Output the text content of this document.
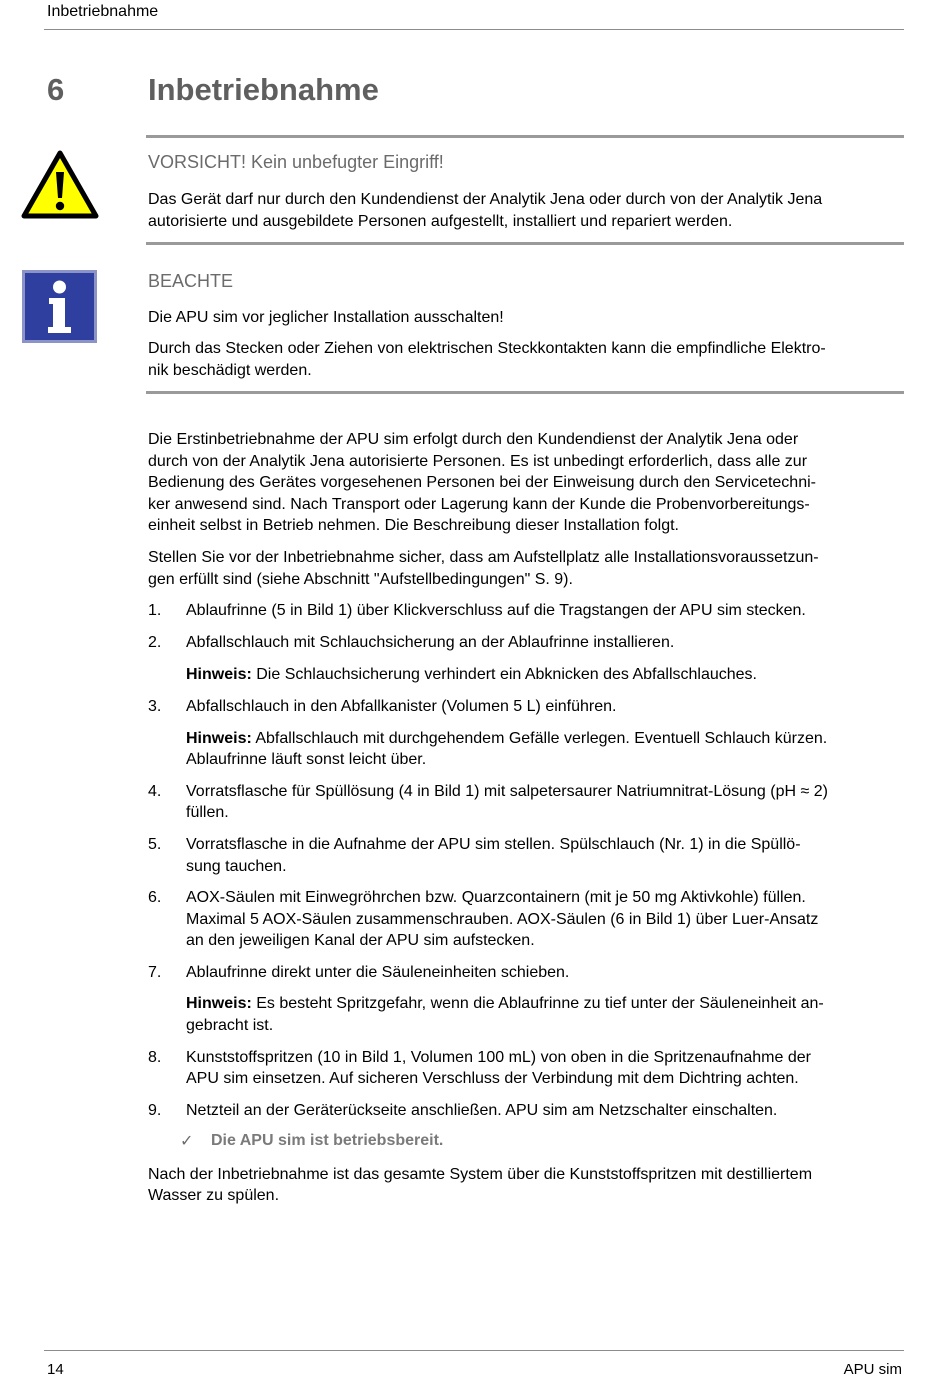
Inbetriebnahme
6	Inbetriebnahme
VORSICHT! Kein unbefugter Eingriff!
Das Gerät darf nur durch den Kundendienst der Analytik Jena oder durch von der Analytik Jena
autorisierte und ausgebildete Personen aufgestellt, installiert und repariert werden.
BEACHTE
Die APU sim vor jeglicher Installation ausschalten!
Durch das Stecken oder Ziehen von elektrischen Steckkontakten kann die empfindliche Elektro-
nik beschädigt werden.
Die Erstinbetriebnahme der APU sim erfolgt durch den Kundendienst der Analytik Jena oder
durch von der Analytik Jena autorisierte Personen. Es ist unbedingt erforderlich, dass alle zur
Bedienung des Gerätes vorgesehenen Personen bei der Einweisung durch den Servicetechni-
ker anwesend sind. Nach Transport oder Lagerung kann der Kunde die Probenvorbereitungs-
einheit selbst in Betrieb nehmen. Die Beschreibung dieser Installation folgt.
Stellen Sie vor der Inbetriebnahme sicher, dass am Aufstellplatz alle Installationsvoraussetzun-
gen erfüllt sind (siehe Abschnitt "Aufstellbedingungen" S. 9).
1. Ablaufrinne (5 in Bild 1) über Klickverschluss auf die Tragstangen der APU sim stecken.
2. Abfallschlauch mit Schlauchsicherung an der Ablaufrinne installieren.
Hinweis: Die Schlauchsicherung verhindert ein Abknicken des Abfallschlauches.
3. Abfallschlauch in den Abfallkanister (Volumen 5 L) einführen.
Hinweis: Abfallschlauch mit durchgehendem Gefälle verlegen. Eventuell Schlauch kürzen.
Ablaufrinne läuft sonst leicht über.
4. Vorratsflasche für Spüllösung (4 in Bild 1) mit salpetersaurer Natriumnitrat-Lösung (pH ≈ 2)
füllen.
5. Vorratsflasche in die Aufnahme der APU sim stellen. Spülschlauch (Nr. 1) in die Spüllö-
sung tauchen.
6. AOX-Säulen mit Einwegröhrchen bzw. Quarzcontainern (mit je 50 mg Aktivkohle) füllen.
Maximal 5 AOX-Säulen zusammenschrauben. AOX-Säulen (6 in Bild 1) über Luer-Ansatz
an den jeweiligen Kanal der APU sim aufstecken.
7. Ablaufrinne direkt unter die Säuleneinheiten schieben.
Hinweis: Es besteht Spritzgefahr, wenn die Ablaufrinne zu tief unter der Säuleneinheit an-
gebracht ist.
8. Kunststoffspritzen (10 in Bild 1, Volumen 100 mL) von oben in die Spritzenaufnahme der
APU sim einsetzen. Auf sicheren Verschluss der Verbindung mit dem Dichtring achten.
9. Netzteil an der Geräterückseite anschließen. APU sim am Netzschalter einschalten.
✓ Die APU sim ist betriebsbereit.
Nach der Inbetriebnahme ist das gesamte System über die Kunststoffspritzen mit destilliertem
Wasser zu spülen.
14	APU sim
